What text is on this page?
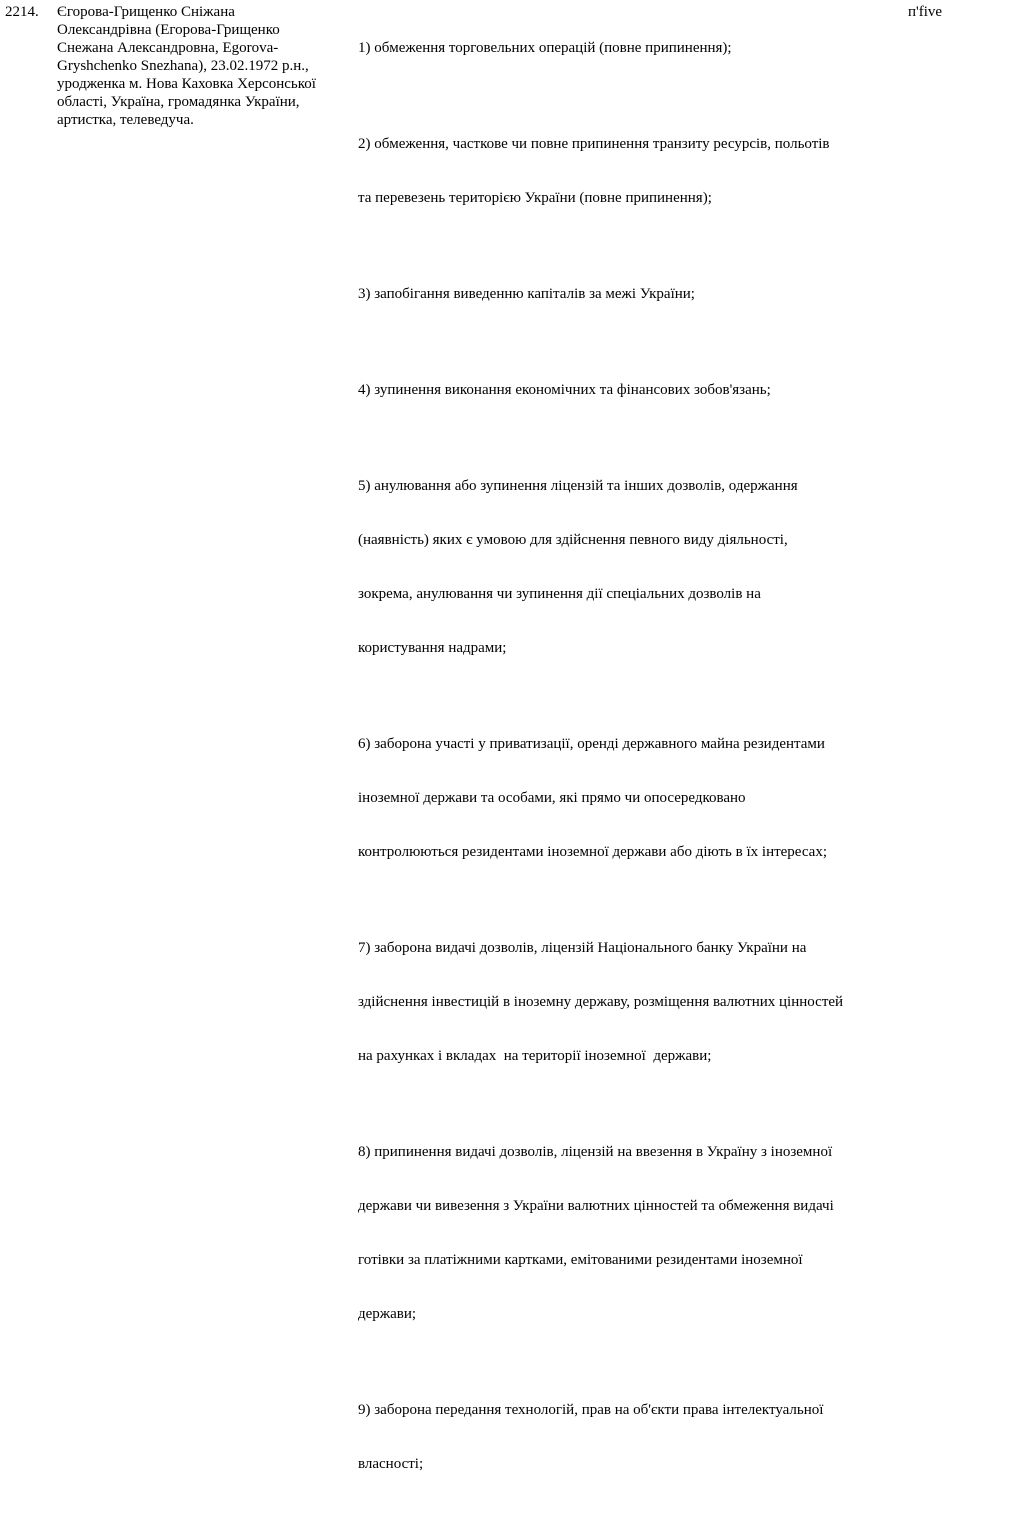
2214.	Єгорова-Грищенко Сніжана
Олександрівна (Егорова-Грищенко
Снежана Александровна, Egorova-
Gryshchenko Snezhana), 23.02.1972 р.н.,
уродженка м. Нова Каховка Херсонської
області, Україна, громадянка України,
артистка, телеведуча.

1) обмеження торговельних операцій (повне припинення);

2) обмеження, часткове чи повне припинення транзиту ресурсів, польотів

та перевезень територією України (повне припинення);

3) запобігання виведенню капіталів за межі України;

4) зупинення виконання економічних та фінансових зобов'язань;

5) анулювання або зупинення ліцензій та інших дозволів, одержання

(наявність) яких є умовою для здійснення певного виду діяльності,

зокрема, анулювання чи зупинення дії спеціальних дозволів на

користування надрами;

6) заборона участі у приватизації, оренді державного майна резидентами

іноземної держави та особами, які прямо чи опосередковано

контролюються резидентами іноземної держави або діють в їх інтересах;

7) заборона видачі дозволів, ліцензій Національного банку України на

здійснення інвестицій в іноземну державу, розміщення валютних цінностей

на рахунках і вкладах  на території іноземної  держави;

8) припинення видачі дозволів, ліцензій на ввезення в Україну з іноземної

держави чи вивезення з України валютних цінностей та обмеження видачі

готівки за платіжними картками, емітованими резидентами іноземної

держави;

9) заборона передання технологій, прав на об'єкти права інтелектуальної

власності;

п'five
